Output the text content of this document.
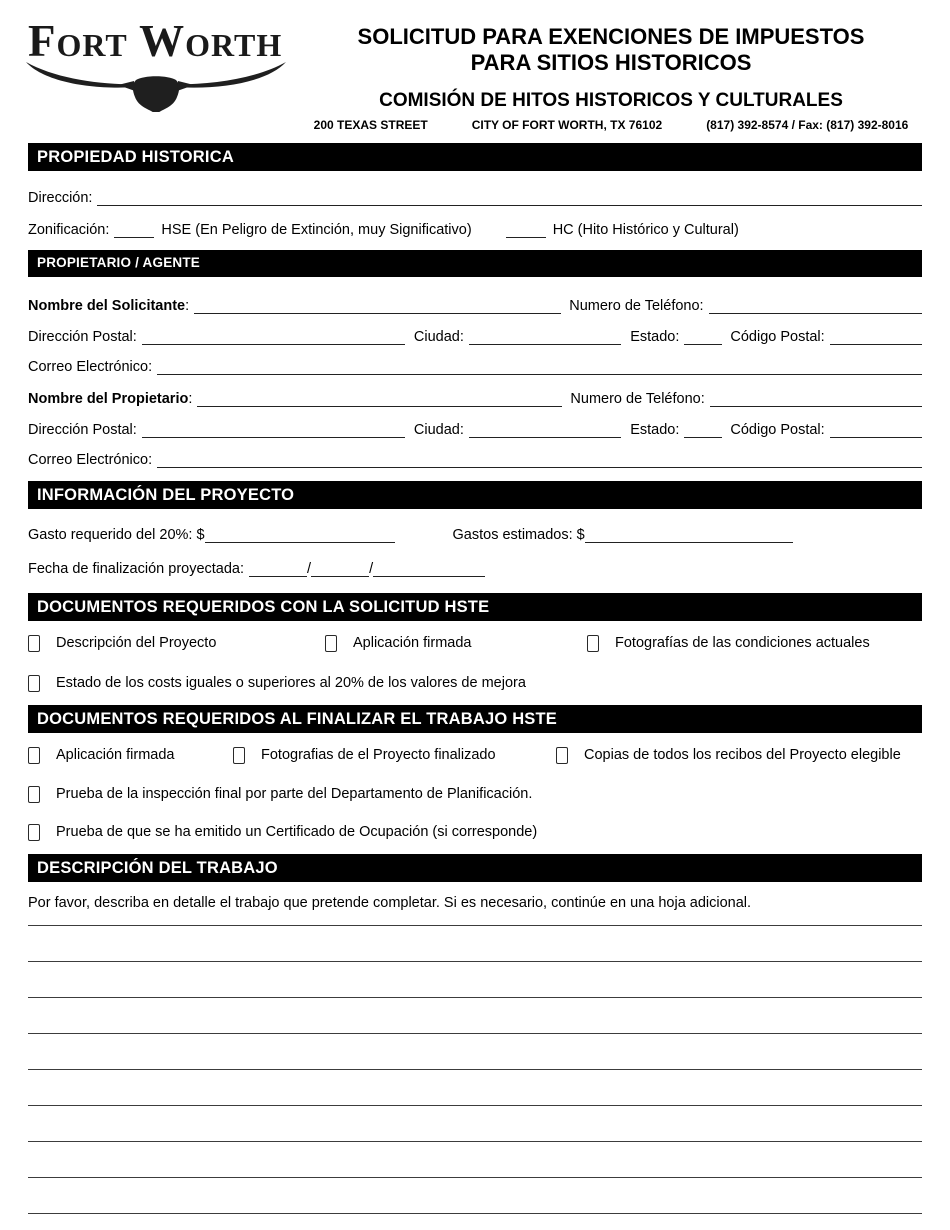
Fort Worth	SOLICITUD PARA EXENCIONES DE IMPUESTOS
PARA SITIOS HISTORICOS
COMISIÓN DE HITOS HISTORICOS Y CULTURALES
200 TEXAS STREET	CITY OF FORT WORTH, TX 76102	(817) 392-8574 / Fax: (817) 392-8016
PROPIEDAD HISTORICA
Dirección:
Zonificación:	HSE (En Peligro de Extinción, muy Significativo)	HC (Hito Histórico y Cultural)
PROPIETARIO / AGENTE
Nombre del Solicitante :	Numero de Teléfono:
Dirección Postal:	Ciudad:	Estado:	Código Postal:
Correo Electrónico:
Nombre del Propietario :	Numero de Teléfono:
Dirección Postal:	Ciudad:	Estado:	Código Postal:
Correo Electrónico:
INFORMACIÓN DEL PROYECTO
Gasto requerido del 20%: $	Gastos estimados: $
Fecha de finalización proyectada:	/	/
DOCUMENTOS REQUERIDOS CON LA SOLICITUD HSTE
Descripción del Proyecto	Aplicación firmada	Fotografías de las condiciones actuales
Estado de los costs iguales o superiores al 20% de los valores de mejora
DOCUMENTOS REQUERIDOS AL FINALIZAR EL TRABAJO HSTE
Aplicación firmada	Fotografias de el Proyecto finalizado	Copias de todos los recibos del Proyecto elegible
Prueba de la inspección final por parte del Departamento de Planificación.
Prueba de que se ha emitido un Certificado de Ocupación (si corresponde)
DESCRIPCIÓN DEL TRABAJO
Por favor, describa en detalle el trabajo que pretende completar. Si es necesario, continúe en una hoja adicional.
